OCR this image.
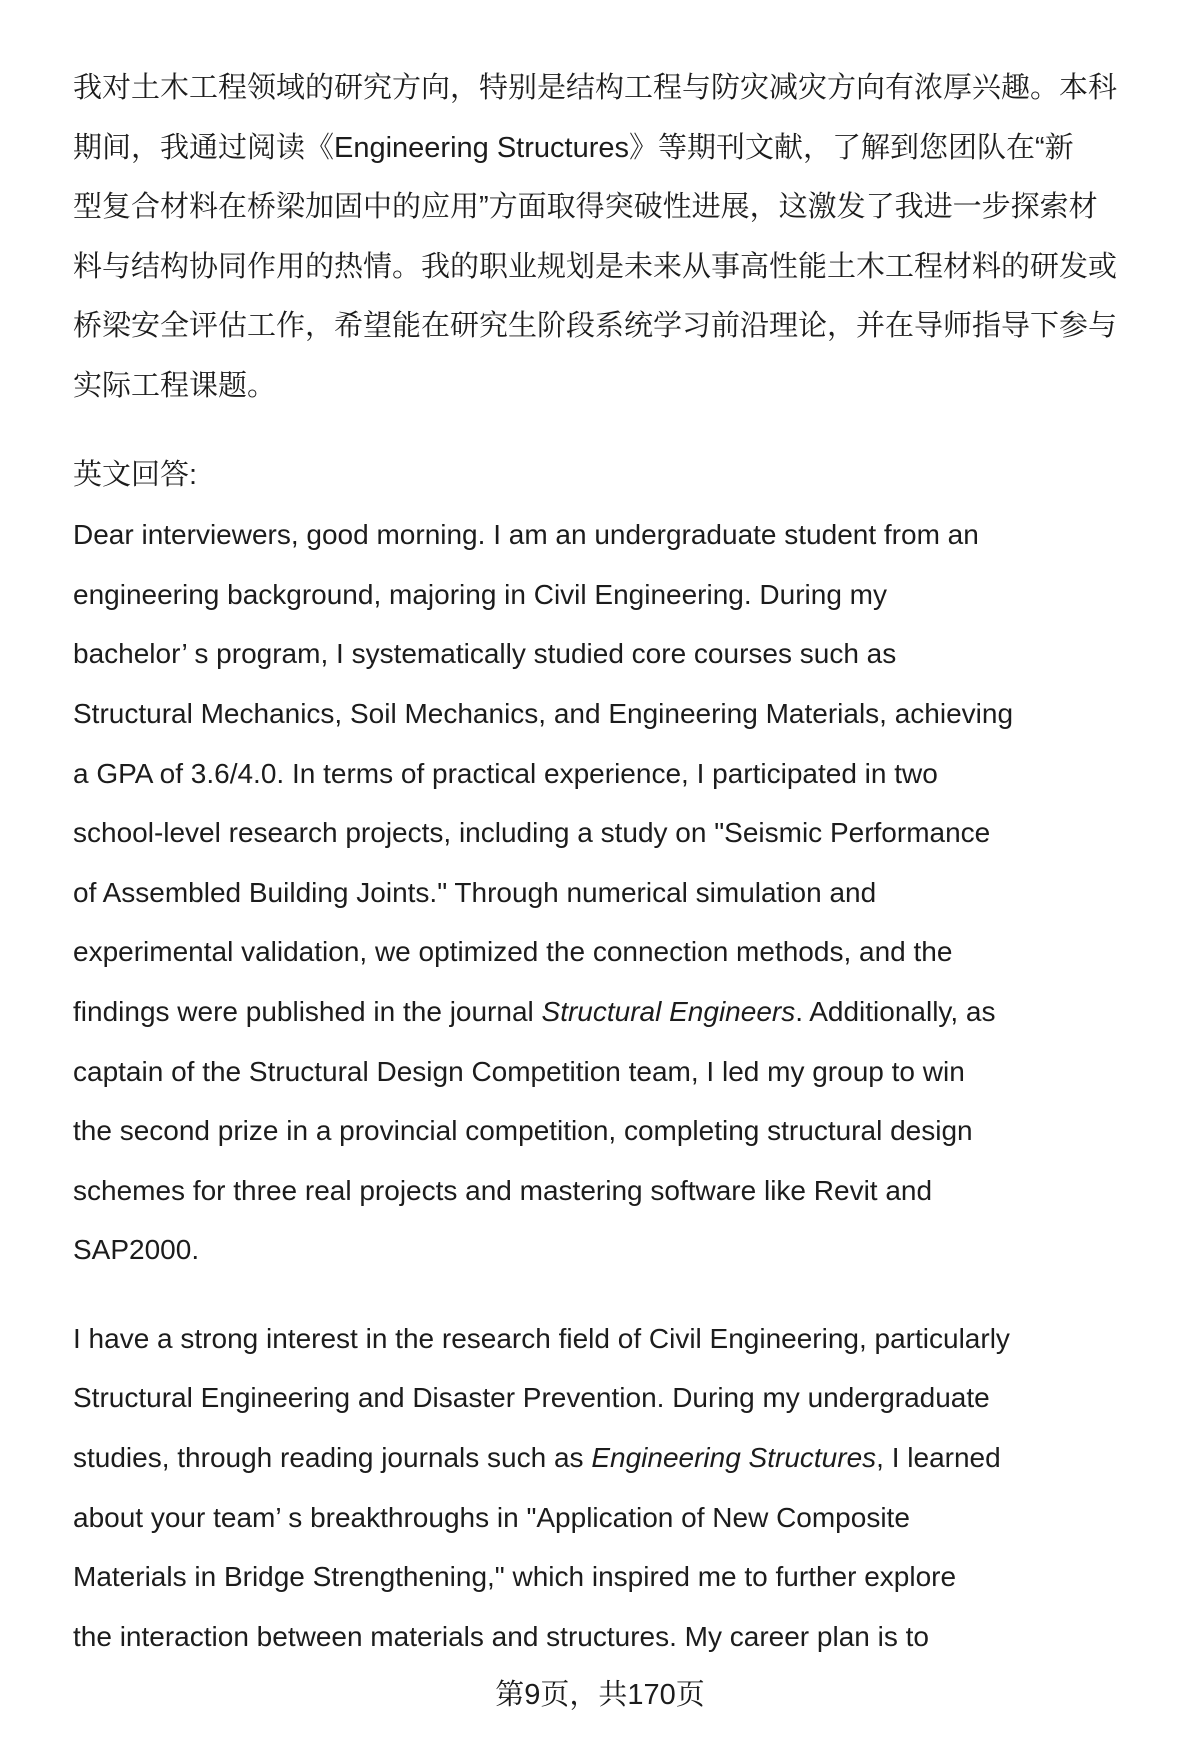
我对土木工程领域的研究方向，特别是结构工程与防灾减灾方向有浓厚兴趣。本科
期间，我通过阅读《Engineering Structures》等期刊文献，了解到您团队在“新
型复合材料在桥梁加固中的应用”方面取得突破性进展，这激发了我进一步探索材
料与结构协同作用的热情。我的职业规划是未来从事高性能土木工程材料的研发或
桥梁安全评估工作，希望能在研究生阶段系统学习前沿理论，并在导师指导下参与
实际工程课题。
英文回答:
Dear interviewers, good morning. I am an undergraduate student from an
engineering background, majoring in Civil Engineering. During my
bachelor’ s program, I systematically studied core courses such as
Structural Mechanics, Soil Mechanics, and Engineering Materials, achieving
a GPA of 3.6/4.0. In terms of practical experience, I participated in two
school-level research projects, including a study on "Seismic Performance
of Assembled Building Joints." Through numerical simulation and
experimental validation, we optimized the connection methods, and the
findings were published in the journal Structural Engineers. Additionally, as
captain of the Structural Design Competition team, I led my group to win
the second prize in a provincial competition, completing structural design
schemes for three real projects and mastering software like Revit and
SAP2000.
I have a strong interest in the research field of Civil Engineering, particularly
Structural Engineering and Disaster Prevention. During my undergraduate
studies, through reading journals such as Engineering Structures, I learned
about your team’ s breakthroughs in "Application of New Composite
Materials in Bridge Strengthening," which inspired me to further explore
the interaction between materials and structures. My career plan is to
第9页，共170页
